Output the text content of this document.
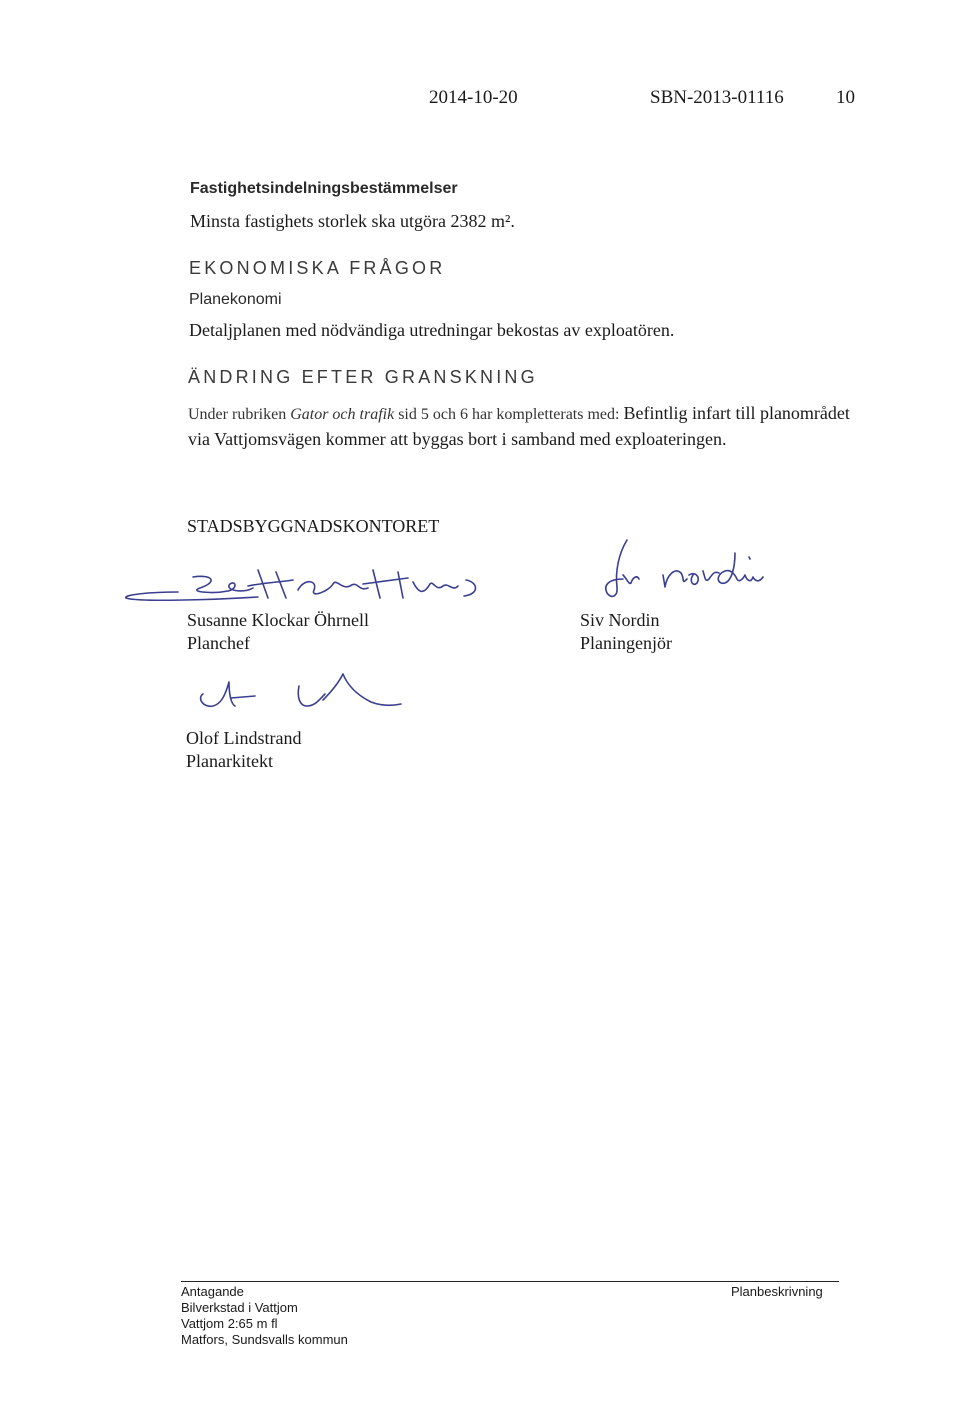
2014-10-20	SBN-2013-01116	10
Fastighetsindelningsbestämmelser
Minsta fastighets storlek ska utgöra 2382 m².
EKONOMISKA FRÅGOR
Planekonomi
Detaljplanen med nödvändiga utredningar bekostas av exploatören.
ÄNDRING EFTER GRANSKNING
Under rubriken Gator och trafik sid 5 och 6 har kompletterats med: Befintlig infart till planområdet via Vattjomsvägen kommer att byggas bort i samband med exploateringen.
STADSBYGGNADSKONTORET
Susanne Klockar Öhrnell
Planchef
Siv Nordin
Planingenjör
Olof Lindstrand
Planarkitekt
Antagande
Bilverkstad i Vattjom
Vattjom 2:65 m fl
Matfors, Sundsvalls kommun
Planbeskrivning
